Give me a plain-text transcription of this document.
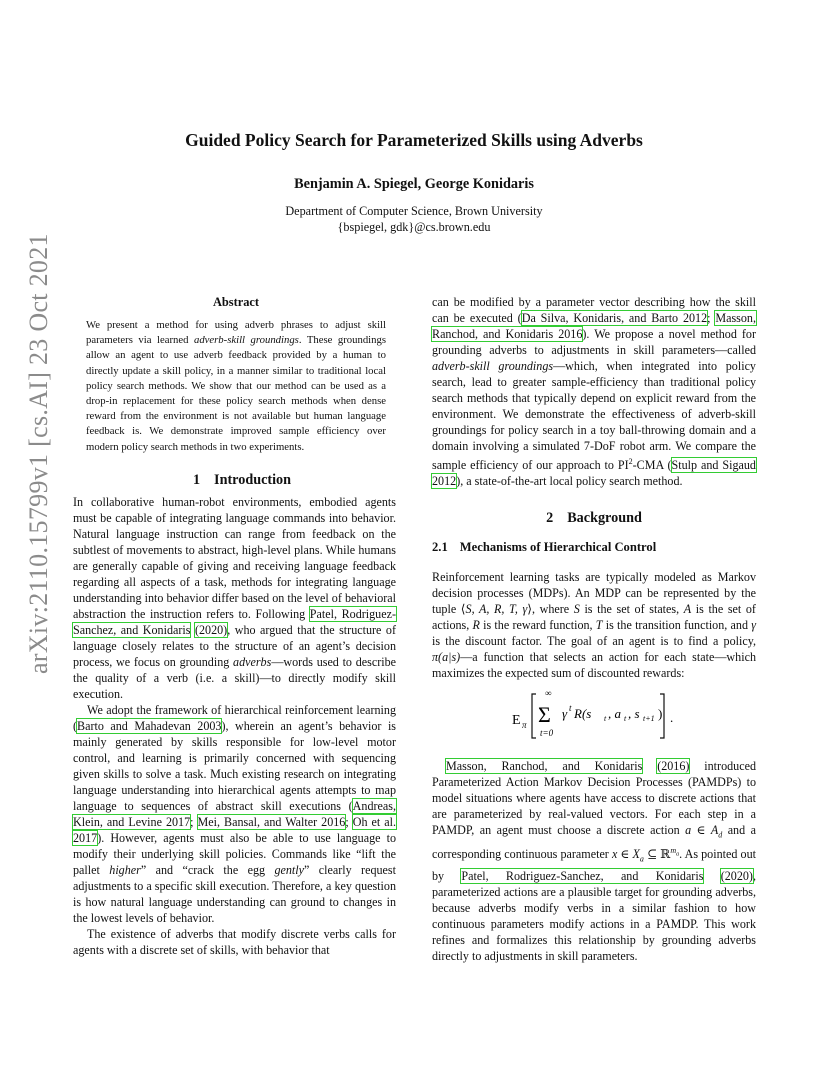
arXiv:2110.15799v1 [cs.AI] 23 Oct 2021
Guided Policy Search for Parameterized Skills using Adverbs
Benjamin A. Spiegel, George Konidaris
Department of Computer Science, Brown University
{bspiegel, gdk}@cs.brown.edu
Abstract
We present a method for using adverb phrases to adjust skill parameters via learned adverb-skill groundings. These groundings allow an agent to use adverb feedback provided by a human to directly update a skill policy, in a manner similar to traditional local policy search methods. We show that our method can be used as a drop-in replacement for these policy search methods when dense reward from the environment is not available but human language feedback is. We demonstrate improved sample efficiency over modern policy search methods in two experiments.
1 Introduction

In collaborative human-robot environments, embodied agents must be capable of integrating language commands into behavior. Natural language instruction can range from feedback on the subtlest of movements to abstract, high-level plans. While humans are generally capable of giving and receiving language feedback regarding all aspects of a task, methods for integrating language understanding into behavior differ based on the level of behavioral abstraction the instruction refers to. Following Patel, Rodriguez-Sanchez, and Konidaris (2020), who argued that the structure of language closely relates to the structure of an agent’s decision process, we focus on grounding adverbs—words used to describe the quality of a verb (i.e. a skill)—to directly modify skill execution.

We adopt the framework of hierarchical reinforcement learning (Barto and Mahadevan 2003), wherein an agent’s behavior is mainly generated by skills responsible for low-level motor control, and learning is primarily concerned with sequencing given skills to solve a task. Much existing research on integrating language understanding into hierarchical agents attempts to map language to sequences of abstract skill executions (Andreas, Klein, and Levine 2017; Mei, Bansal, and Walter 2016; Oh et al. 2017). However, agents must also be able to use language to modify their underlying skill policies. Commands like “lift the pallet higher” and “crack the egg gently” clearly request adjustments to a specific skill execution. Therefore, a key question is how natural language understanding can ground to changes in the lowest levels of behavior.

The existence of adverbs that modify discrete verbs calls for agents with a discrete set of skills, with behavior that

can be modified by a parameter vector describing how the skill can be executed (Da Silva, Konidaris, and Barto 2012; Masson, Ranchod, and Konidaris 2016). We propose a novel method for grounding adverbs to adjustments in skill parameters—called adverb-skill groundings—which, when integrated into policy search, lead to greater sample-efficiency than traditional policy search methods that typically depend on explicit reward from the environment. We demonstrate the effectiveness of adverb-skill groundings for policy search in a toy ball-throwing domain and a domain involving a simulated 7-DoF robot arm. We compare the sample efficiency of our approach to $PI^2$-CMA (Stulp and Sigaud 2012), a state-of-the-art local policy search method.

2 Background
2.1 Mechanisms of Hierarchical Control

Reinforcement learning tasks are typically modeled as Markov decision processes (MDPs). An MDP can be represented by the tuple ⟨S, A, R, T, γ⟩, where S is the set of states, A is the set of actions, R is the reward function, T is the transition function, and γ is the discount factor. The goal of an agent is to find a policy, π(a|s)—a function that selects an action for each state—which maximizes the expected sum of discounted rewards:

E π
∞
Σ
t=0
γ t R(s t , a t , s t+1 ) .

Masson, Ranchod, and Konidaris (2016) introduced Parameterized Action Markov Decision Processes (PAMDPs) to model situations where agents have access to discrete actions that are parameterized by real-valued vectors. For each step in a PAMDP, an agent must choose a discrete action a ∈ $A_d$ and a corresponding continuous parameter x ∈ $X_a$ ⊆ ℝ$^{m_a}$. As pointed out by Patel, Rodriguez-Sanchez, and Konidaris (2020), parameterized actions are a plausible target for grounding adverbs, because adverbs modify verbs in a similar fashion to how continuous parameters modify actions in a PAMDP. This work refines and formalizes this relationship by grounding adverbs directly to adjustments in skill parameters.
